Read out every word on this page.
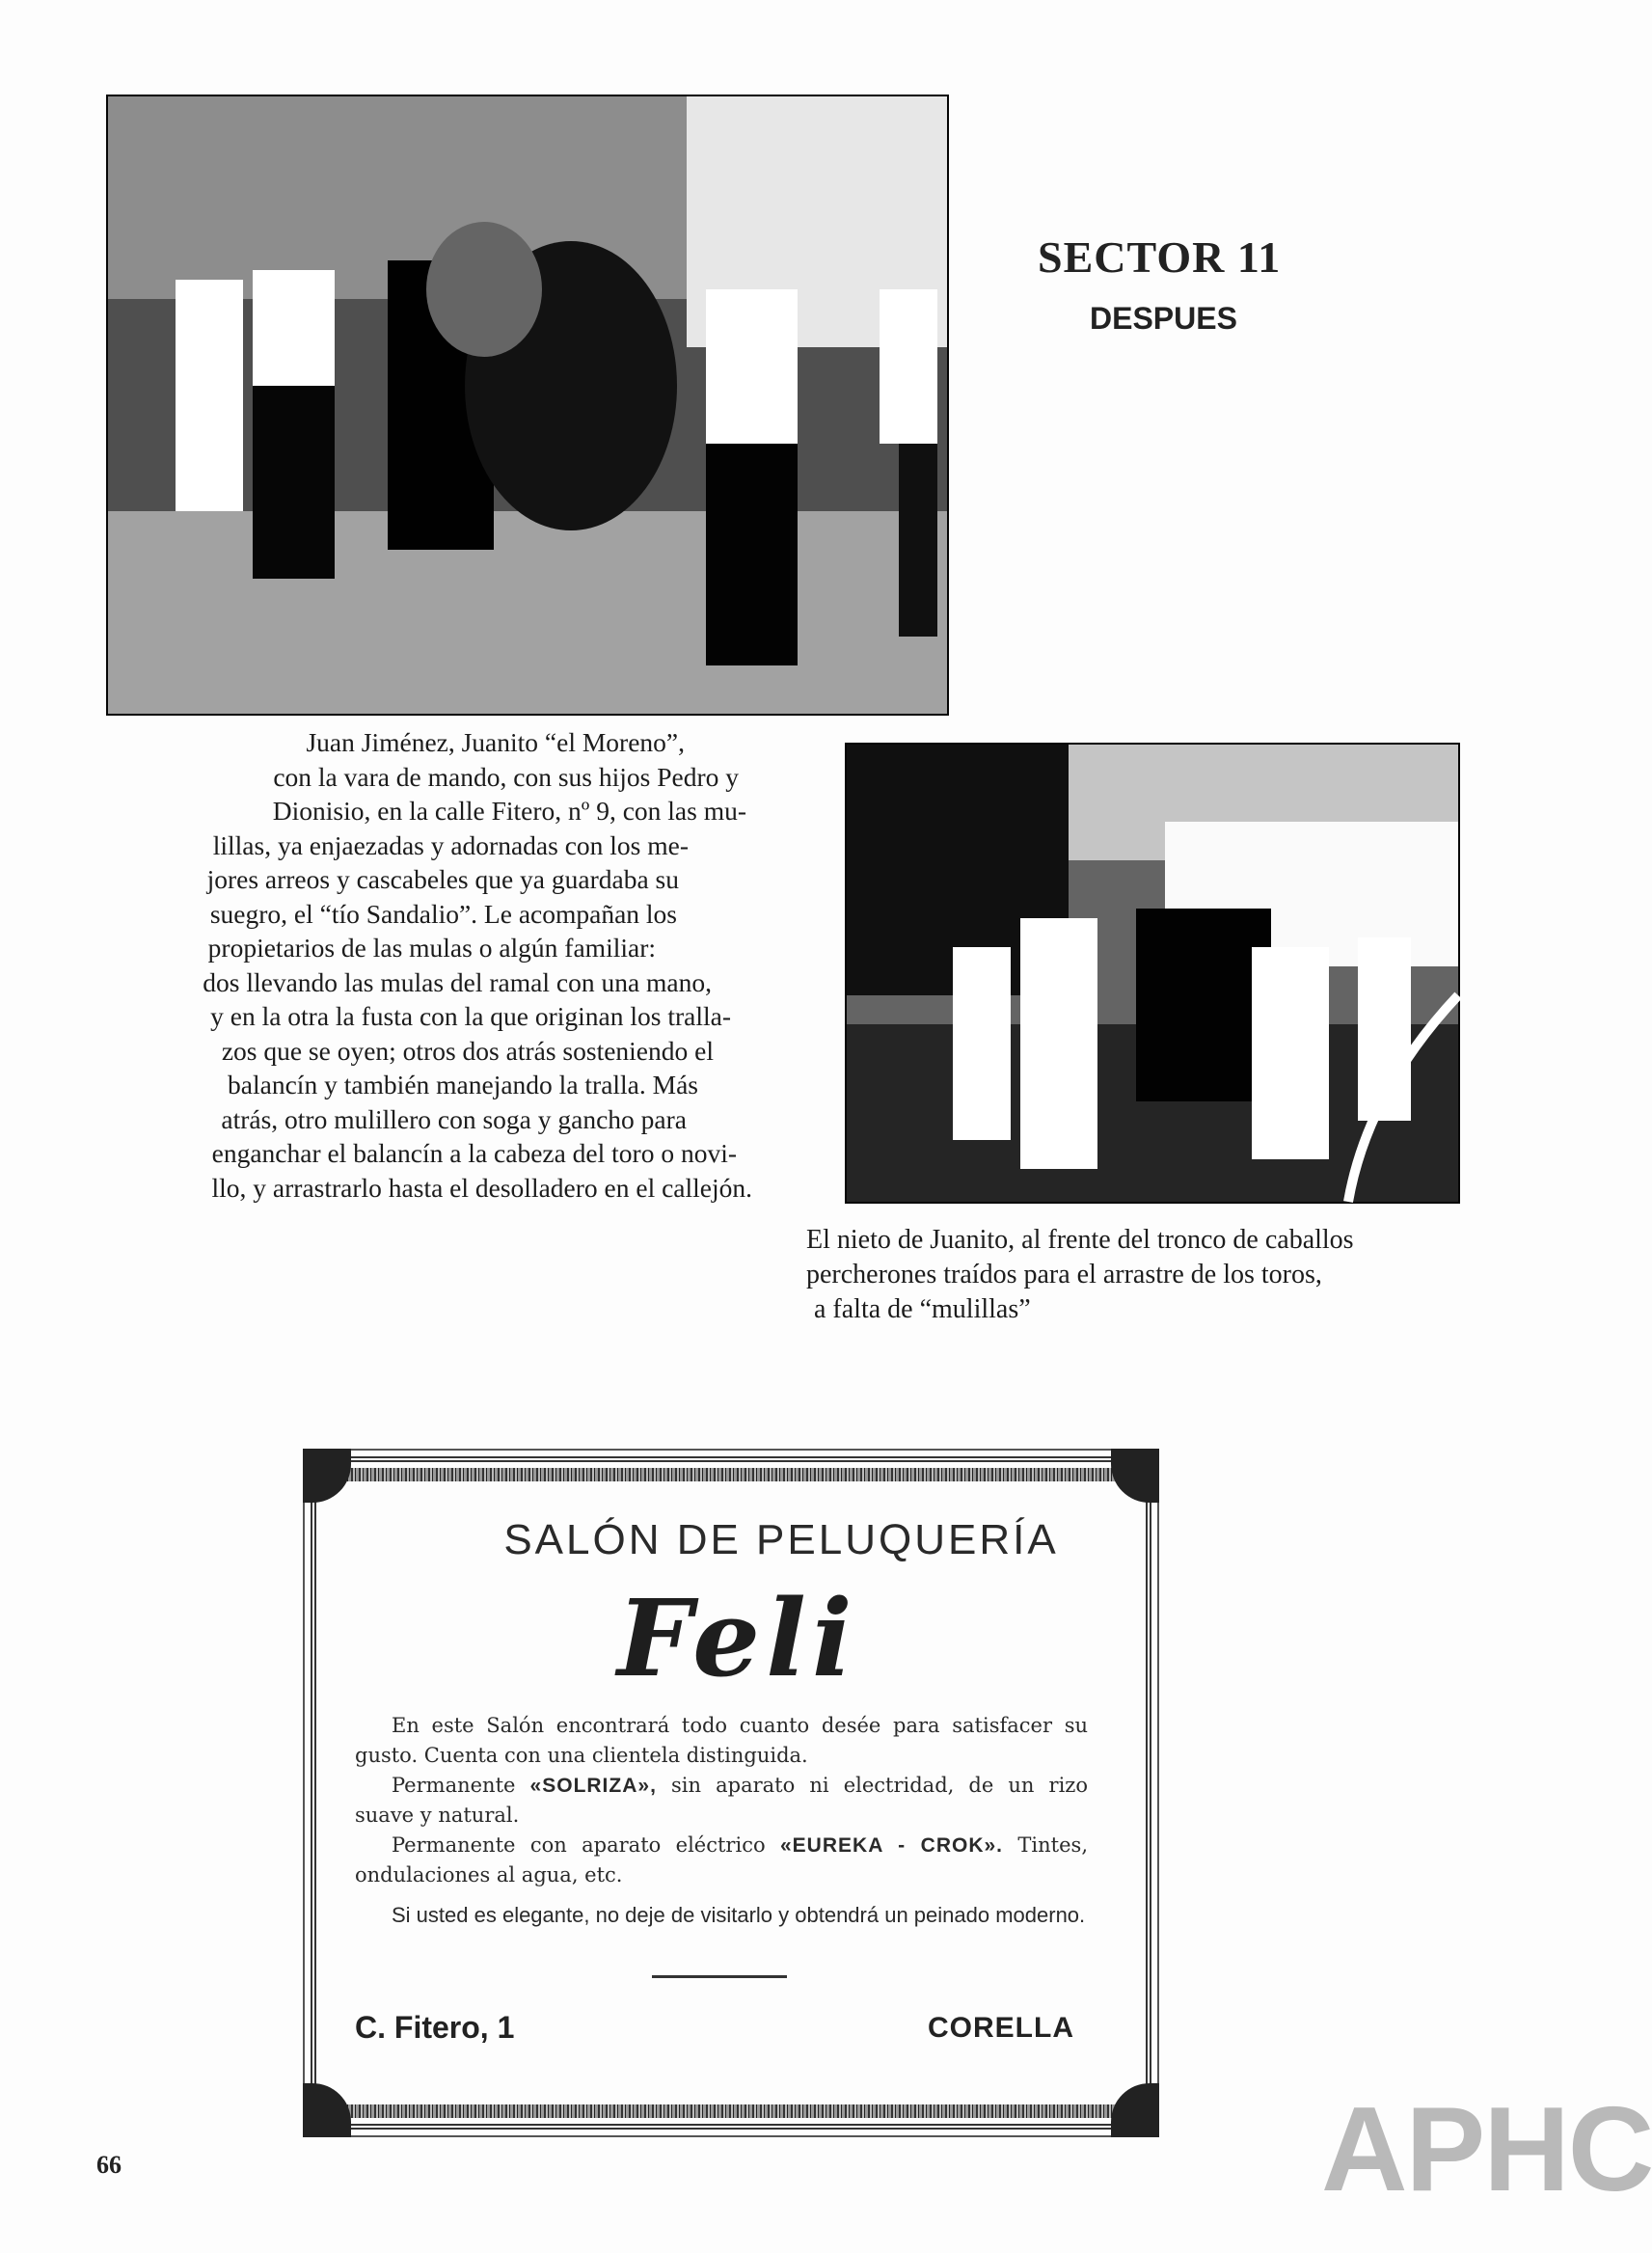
SECTOR 11
DESPUES
Juan Jiménez, Juanito “el Moreno”,
con la vara de mando, con sus hijos Pedro y
Dionisio, en la calle Fitero, nº 9, con las mu-
lillas, ya enjaezadas y adornadas con los me-
jores arreos y cascabeles que ya guardaba su
suegro, el “tío Sandalio”. Le acompañan los
propietarios de las mulas o algún familiar:
dos llevando las mulas del ramal con una mano,
y en la otra la fusta con la que originan los tralla-
zos que se oyen; otros dos atrás sosteniendo el
balancín y también manejando la tralla. Más
atrás, otro mulillero con soga y gancho para
enganchar el balancín a la cabeza del toro o novi-
llo, y arrastrarlo hasta el desolladero en el callejón.
El nieto de Juanito, al frente del tronco de caballos
percherones traídos para el arrastre de los toros,
a falta de “mulillas”
SALÓN DE PELUQUERÍA
Feli

En este Salón encontrará todo cuanto desée para satisfacer su gusto. Cuenta con una clientela distinguida.

Permanente «SOLRIZA», sin aparato ni electridad, de un rizo suave y natural.

Permanente con aparato eléctrico «EUREKA - CROK». Tintes, ondulaciones al agua, etc.

Si usted es elegante, no deje de visitarlo y obtendrá un peinado moderno.

C. Fitero, 1	CORELLA
66	APHC
